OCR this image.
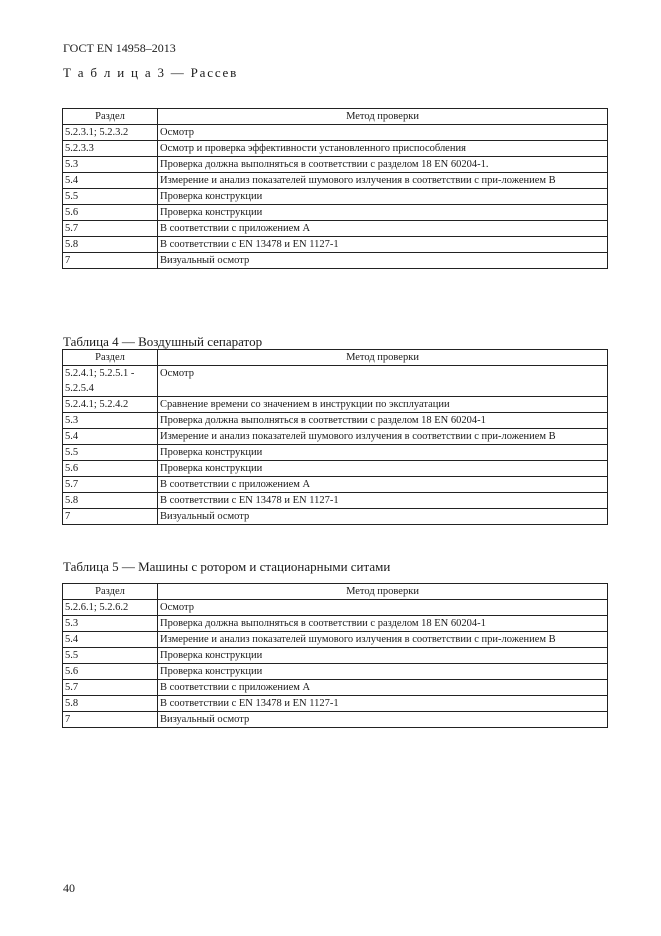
ГОСТ EN 14958–2013
Т а б л и ц а 3 — Рассев
Раздел	Метод проверки
5.2.3.1; 5.2.3.2	Осмотр
5.2.3.3	Осмотр и проверка эффективности установленного приспособления
5.3	Проверка должна выполняться в соответствии с разделом 18 EN 60204-1.
5.4	Измерение и анализ показателей шумового излучения в соответствии с при-ложением В
5.5	Проверка конструкции
5.6	Проверка конструкции
5.7	В соответствии с приложением А
5.8	В соответствии с EN 13478 и EN 1127-1
7	Визуальный осмотр
Таблица 4 — Воздушный сепаратор
Раздел	Метод проверки
5.2.4.1; 5.2.5.1 - 5.2.5.4	Осмотр
5.2.4.1; 5.2.4.2	Сравнение времени со значением в инструкции по эксплуатации
5.3	Проверка должна выполняться в соответствии с разделом 18 EN 60204-1
5.4	Измерение и анализ показателей шумового излучения в соответствии с при-ложением В
5.5	Проверка конструкции
5.6	Проверка конструкции
5.7	В соответствии с приложением А
5.8	В соответствии с EN 13478 и EN 1127-1
7	Визуальный осмотр
Таблица 5 — Машины с ротором и стационарными ситами
Раздел	Метод проверки
5.2.6.1; 5.2.6.2	Осмотр
5.3	Проверка должна выполняться в соответствии с разделом 18 EN 60204-1
5.4	Измерение и анализ показателей шумового излучения в соответствии с при-ложением В
5.5	Проверка конструкции
5.6	Проверка конструкции
5.7	В соответствии с приложением А
5.8	В соответствии с EN 13478 и EN 1127-1
7	Визуальный осмотр
40
